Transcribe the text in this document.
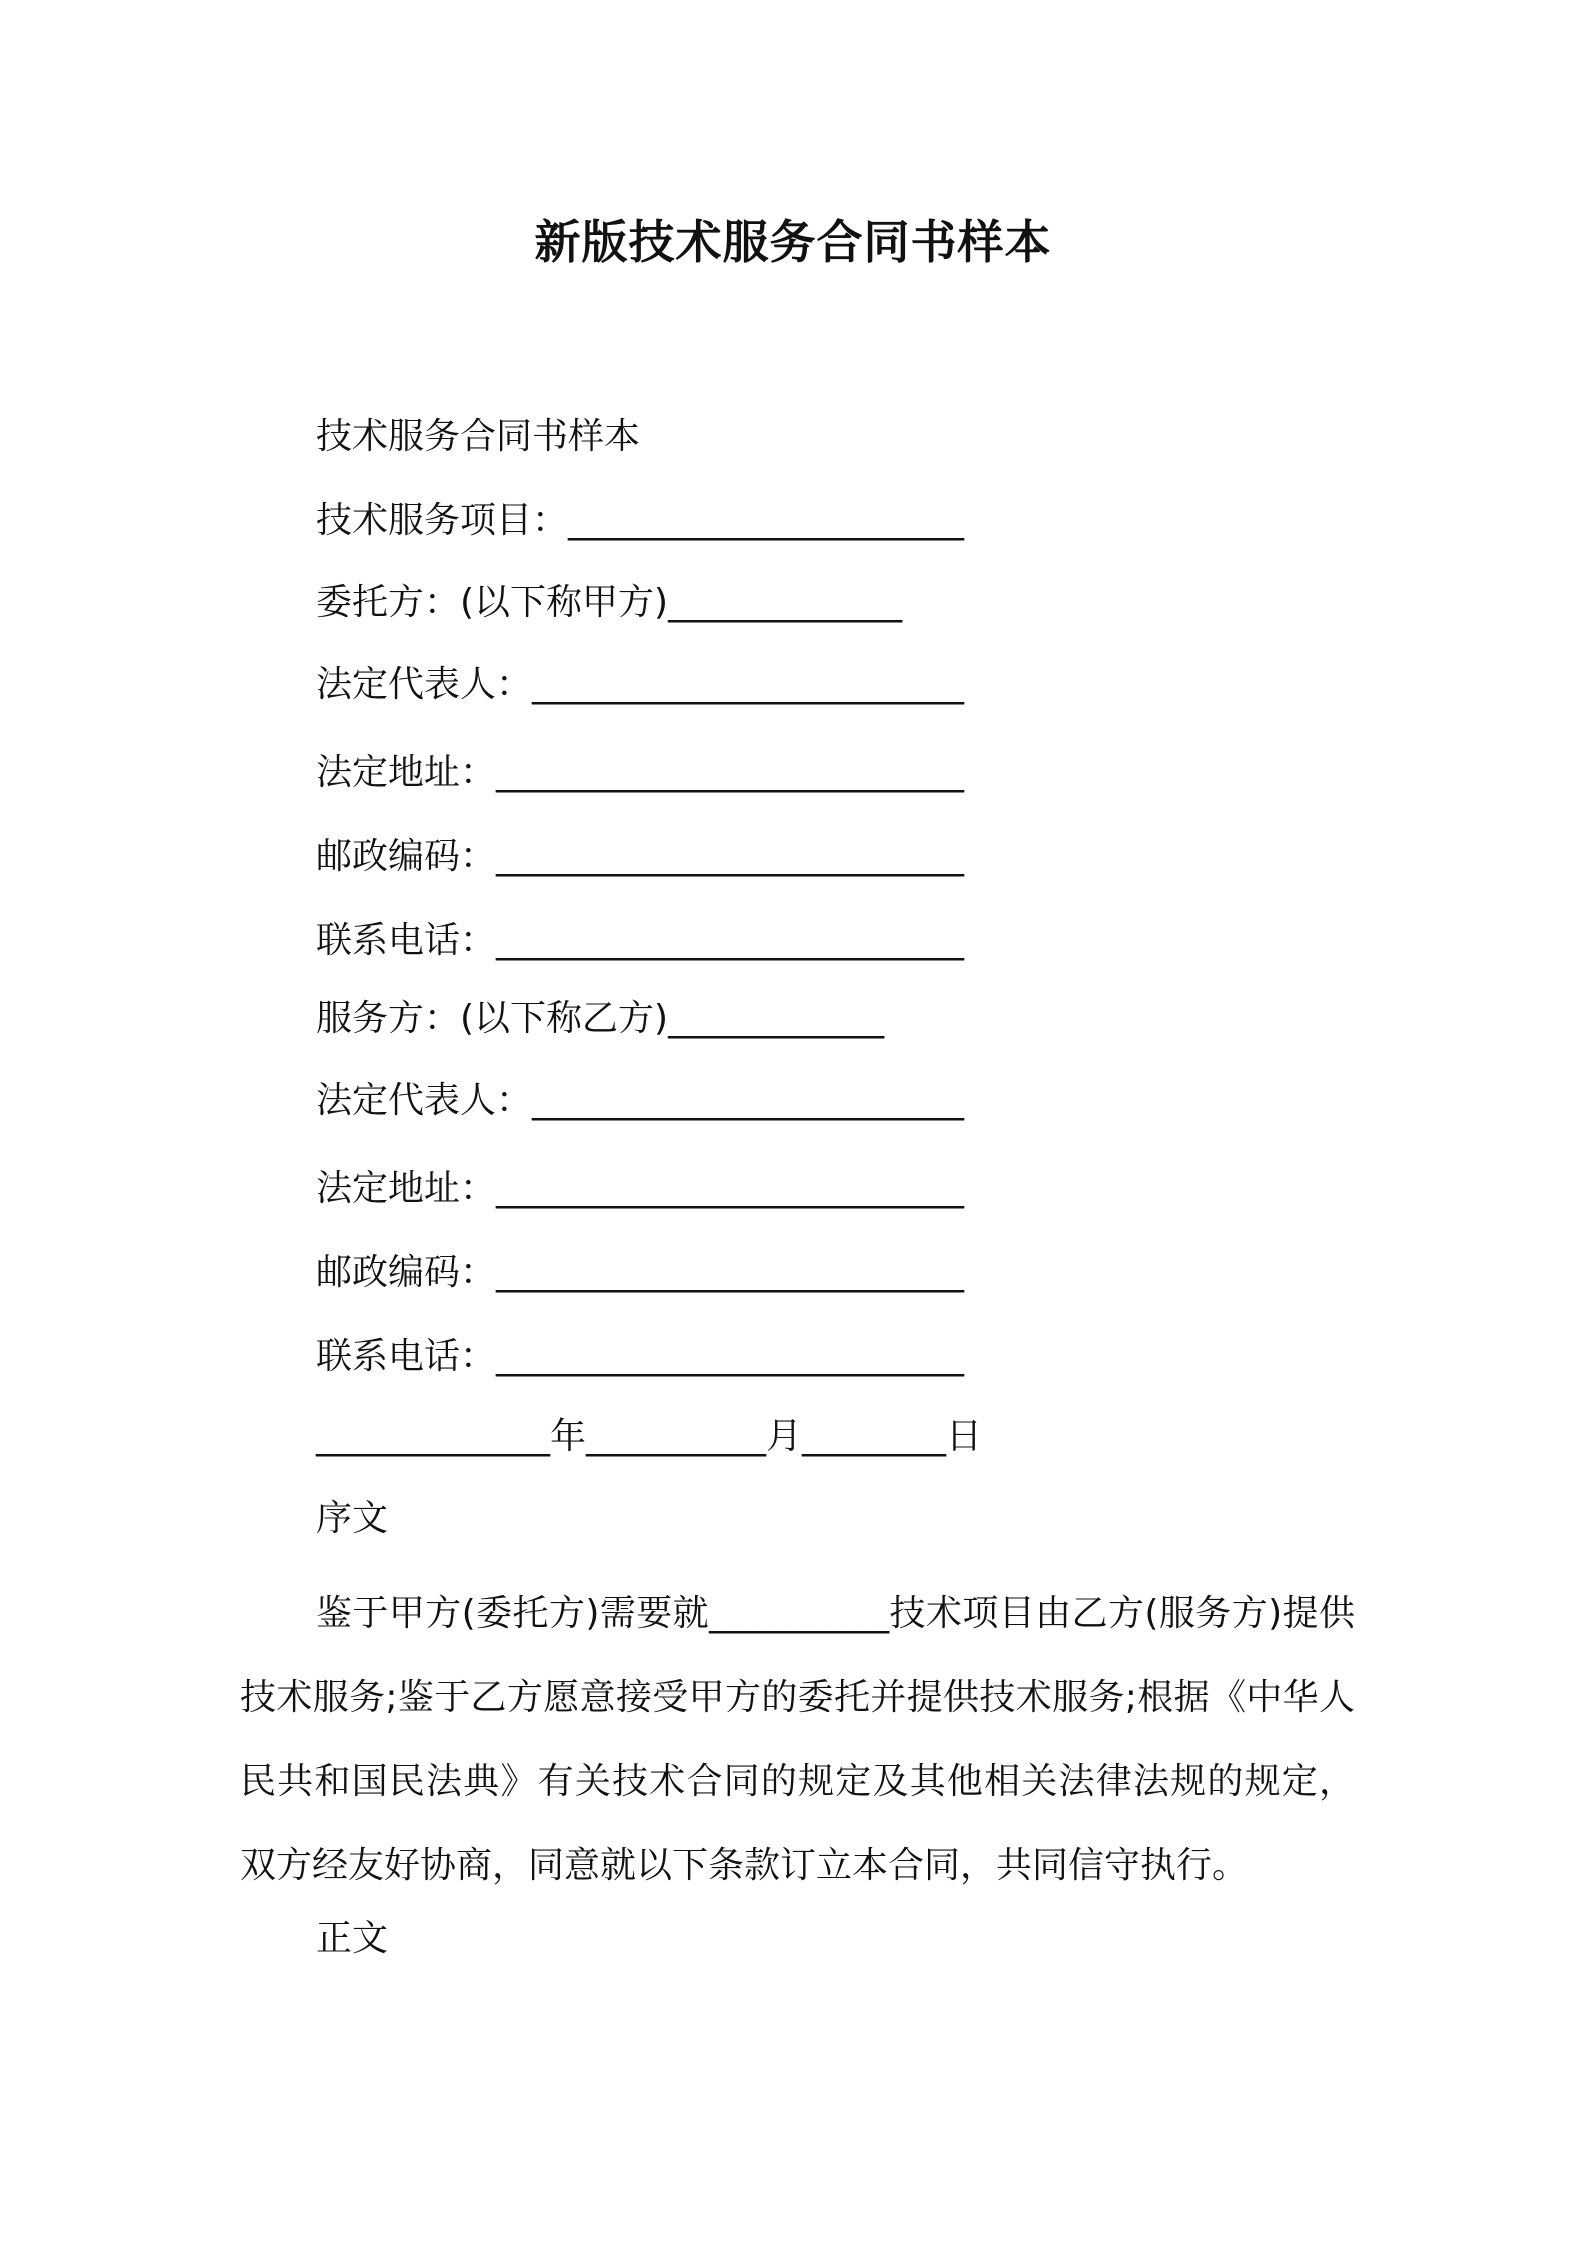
新版技术服务合同书样本
技术服务合同书样本
技术服务项目：______________________
委托方：(以下称甲方)_____________
法定代表人：________________________
法定地址：__________________________
邮政编码：__________________________
联系电话：__________________________
服务方：(以下称乙方)____________
法定代表人：________________________
法定地址：__________________________
邮政编码：__________________________
联系电话：__________________________
_____________年__________月________日
序文
鉴于甲方(委托方)需要就__________技术项目由乙方(服务方)提供技术服务;鉴于乙方愿意接受甲方的委托并提供技术服务;根据《中华人民共和国民法典》有关技术合同的规定及其他相关法律法规的规定，双方经友好协商，同意就以下条款订立本合同，共同信守执行。
正文
